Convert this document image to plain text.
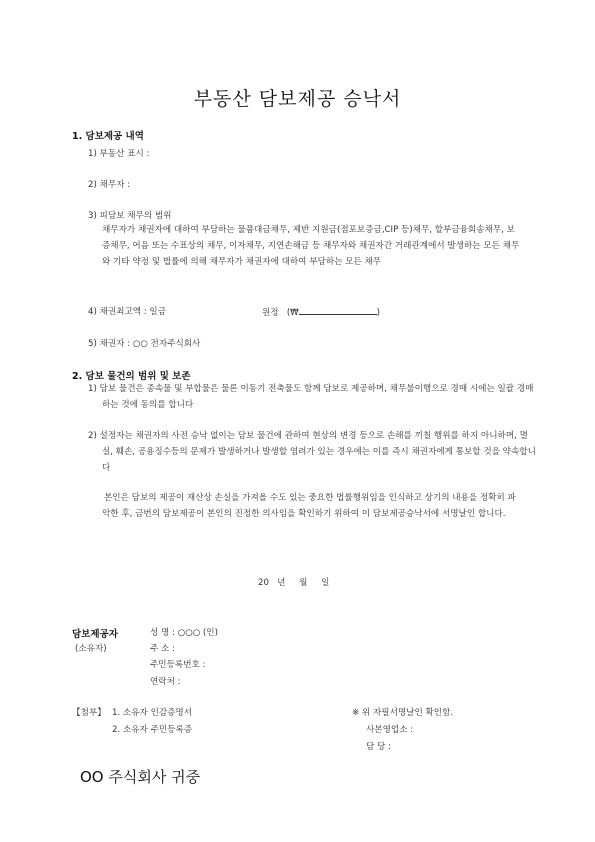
부동산 담보제공 승낙서
1. 담보제공 내역
1) 부동산 표시 :
2) 채무자 :
3) 피담보 채무의 범위
채무자가 채권자에 대하여 부담하는 물품대금채무, 제반 지원금(점포보증금,CIP 등)채무, 할부금융회송채무, 보증채무, 어음 또는 수표상의 채무, 이자채무, 지연손해금 등 채무자와 채권자간 거래관계에서 발생하는 모든 채무와 기타 약정 및 법률에 의해 채무자가 채권자에 대하여 부담하는 모든 채무
4) 채권최고액 : 일금	원정 (₩	)
5) 채권자 : ○○ 전자주식회사
2. 담보 물건의 범위 및 보존
1) 담보 물건은 종속물 및 부합물은 물론 이동기 전축물도 함께 담보로 제공하며, 채무불이행으로 경매 시에는 일괄 경매하는 것에 동의를 합니다
2) 설정자는 채권자의 사전 승낙 없이는 담보 물건에 관하여 현상의 변경 등으로 손해를 끼칠 행위를 하지 아니하며, 멸실, 훼손, 공용징수등의 문제가 발생하거나 발생할 염려가 있는 경우에는 이를 즉시 채권자에게 통보할 것을 약속합니다
본인은 담보의 제공이 재산상 손실을 가져올 수도 있는 중요한 법률행위임을 인식하고 상기의 내용을 정확히 파악한 후, 금번의 담보제공이 본인의 진정한 의사임을 확인하기 위하여 이 담보제공승낙서에 서명날인 합니다.
20 년 월 일
담보제공자
(소유자)
성 명 : ○○○ (인)
주 소 :
주민등록번호 :
연락처 :
【첨부】 1. 소유자 인감증명서
2. 소유자 주민등록증
※ 위 자필서명날인 확인함.
사본영업소 :
담 당 :
OO 주식회사 귀중
